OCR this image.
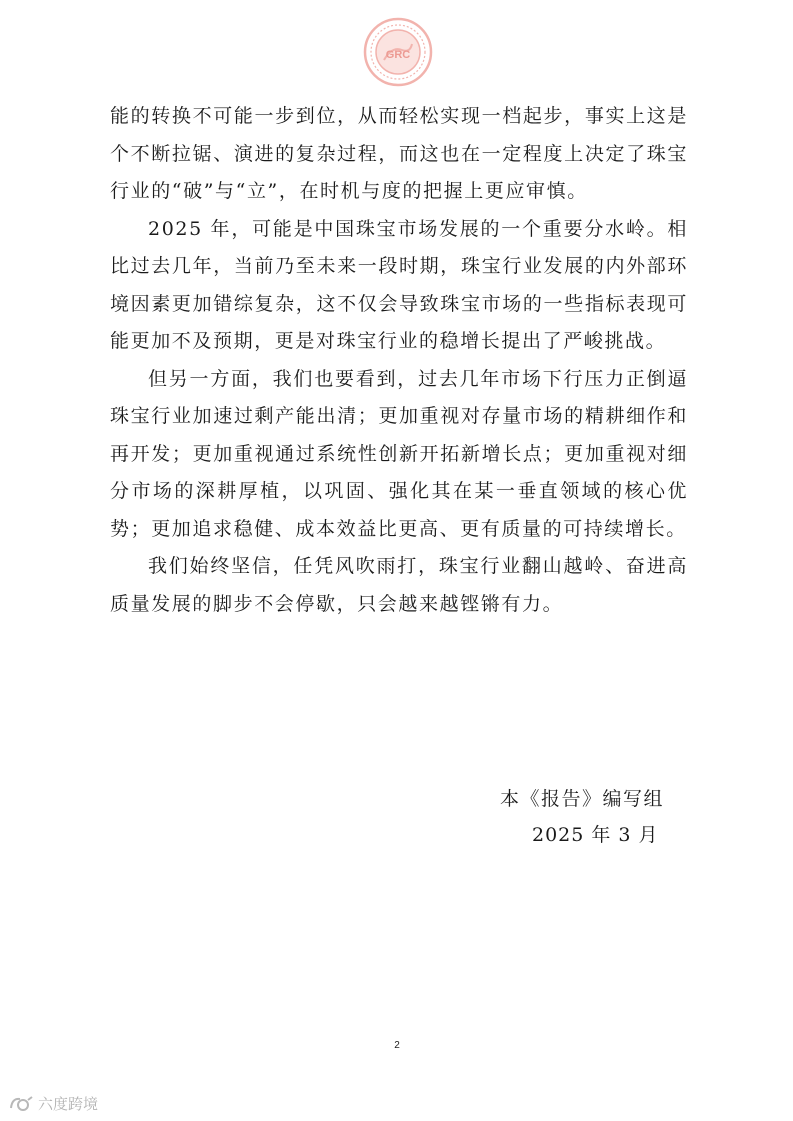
GRC

能的转换不可能一步到位，从而轻松实现一档起步，事实上这是个不断拉锯、演进的复杂过程，而这也在一定程度上决定了珠宝行业的“破”与“立”，在时机与度的把握上更应审慎。

2025 年，可能是中国珠宝市场发展的一个重要分水岭。相比过去几年，当前乃至未来一段时期，珠宝行业发展的内外部环境因素更加错综复杂，这不仅会导致珠宝市场的一些指标表现可能更加不及预期，更是对珠宝行业的稳增长提出了严峻挑战。

但另一方面，我们也要看到，过去几年市场下行压力正倒逼珠宝行业加速过剩产能出清；更加重视对存量市场的精耕细作和再开发；更加重视通过系统性创新开拓新增长点；更加重视对细分市场的深耕厚植，以巩固、强化其在某一垂直领域的核心优势；更加追求稳健、成本效益比更高、更有质量的可持续增长。

我们始终坚信，任凭风吹雨打，珠宝行业翻山越岭、奋进高质量发展的脚步不会停歇，只会越来越铿锵有力。

本《报告》编写组
2025 年 3 月
2
六度跨境
